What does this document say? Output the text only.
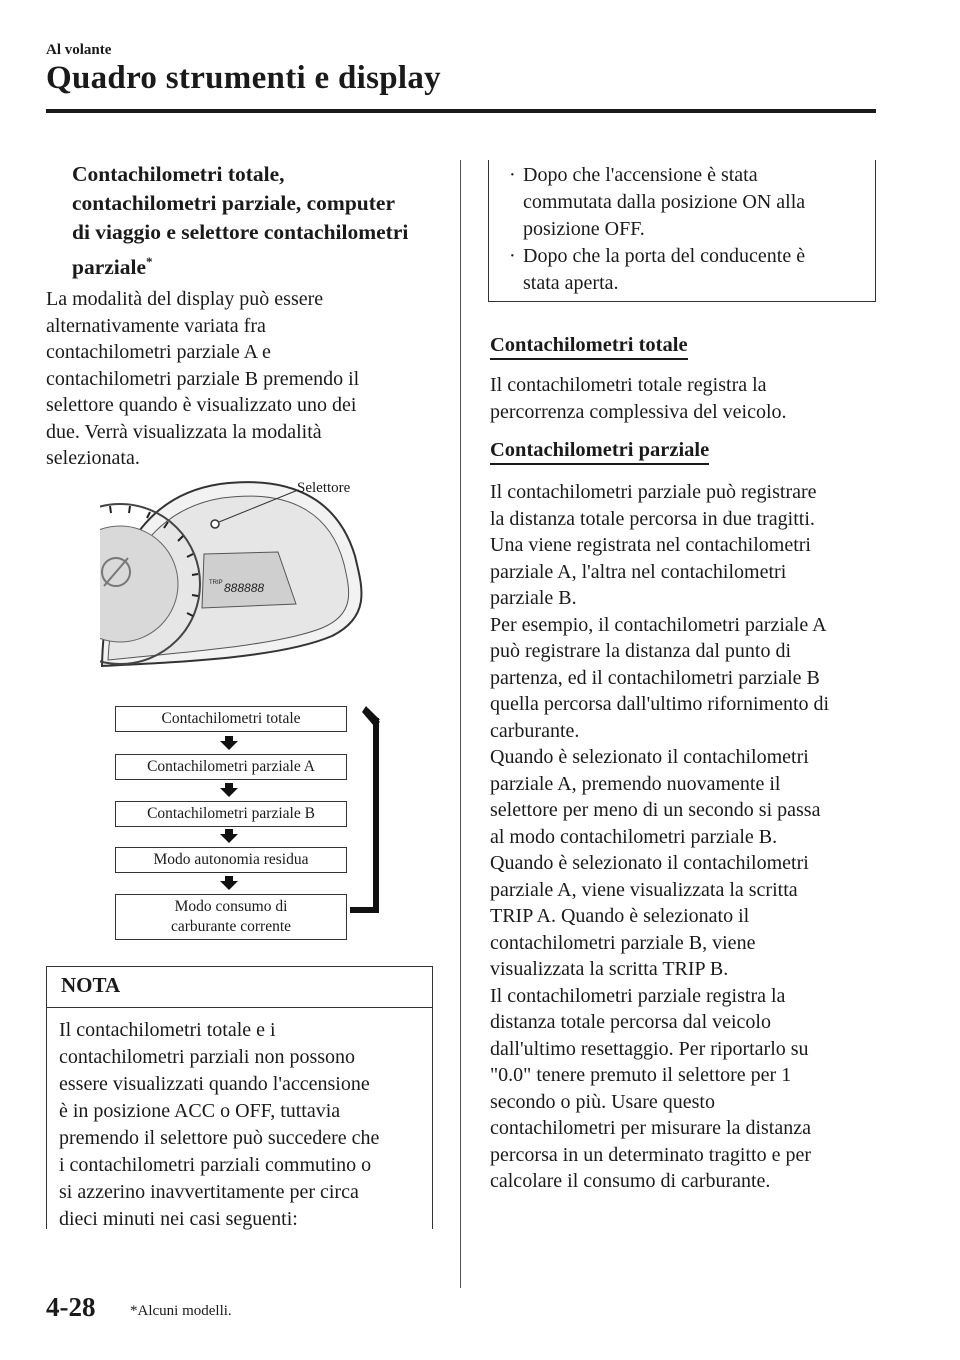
Al volante
Quadro strumenti e display
Contachilometri totale,
contachilometri parziale, computer
di viaggio e selettore contachilometri
parziale*
La modalità del display può essere
alternativamente variata fra
contachilometri parziale A e
contachilometri parziale B premendo il
selettore quando è visualizzato uno dei
due. Verrà visualizzata la modalità
selezionata.
TRIP 888888
Selettore
Contachilometri totale
Contachilometri parziale A
Contachilometri parziale B
Modo autonomia residua
Modo consumo di
carburante corrente
NOTA
Il contachilometri totale e i
contachilometri parziali non possono
essere visualizzati quando l'accensione
è in posizione ACC o OFF, tuttavia
premendo il selettore può succedere che
i contachilometri parziali commutino o
si azzerino inavvertitamente per circa
dieci minuti nei casi seguenti:
· Dopo che l'accensione è stata
commutata dalla posizione ON alla
posizione OFF.
· Dopo che la porta del conducente è
stata aperta.
Contachilometri totale
Il contachilometri totale registra la
percorrenza complessiva del veicolo.
Contachilometri parziale
Il contachilometri parziale può registrare
la distanza totale percorsa in due tragitti.
Una viene registrata nel contachilometri
parziale A, l'altra nel contachilometri
parziale B.
Per esempio, il contachilometri parziale A
può registrare la distanza dal punto di
partenza, ed il contachilometri parziale B
quella percorsa dall'ultimo rifornimento di
carburante.
Quando è selezionato il contachilometri
parziale A, premendo nuovamente il
selettore per meno di un secondo si passa
al modo contachilometri parziale B.
Quando è selezionato il contachilometri
parziale A, viene visualizzata la scritta
TRIP A. Quando è selezionato il
contachilometri parziale B, viene
visualizzata la scritta TRIP B.
Il contachilometri parziale registra la
distanza totale percorsa dal veicolo
dall'ultimo resettaggio. Per riportarlo su
"0.0" tenere premuto il selettore per 1
secondo o più. Usare questo
contachilometri per misurare la distanza
percorsa in un determinato tragitto e per
calcolare il consumo di carburante.
4-28 *Alcuni modelli.
